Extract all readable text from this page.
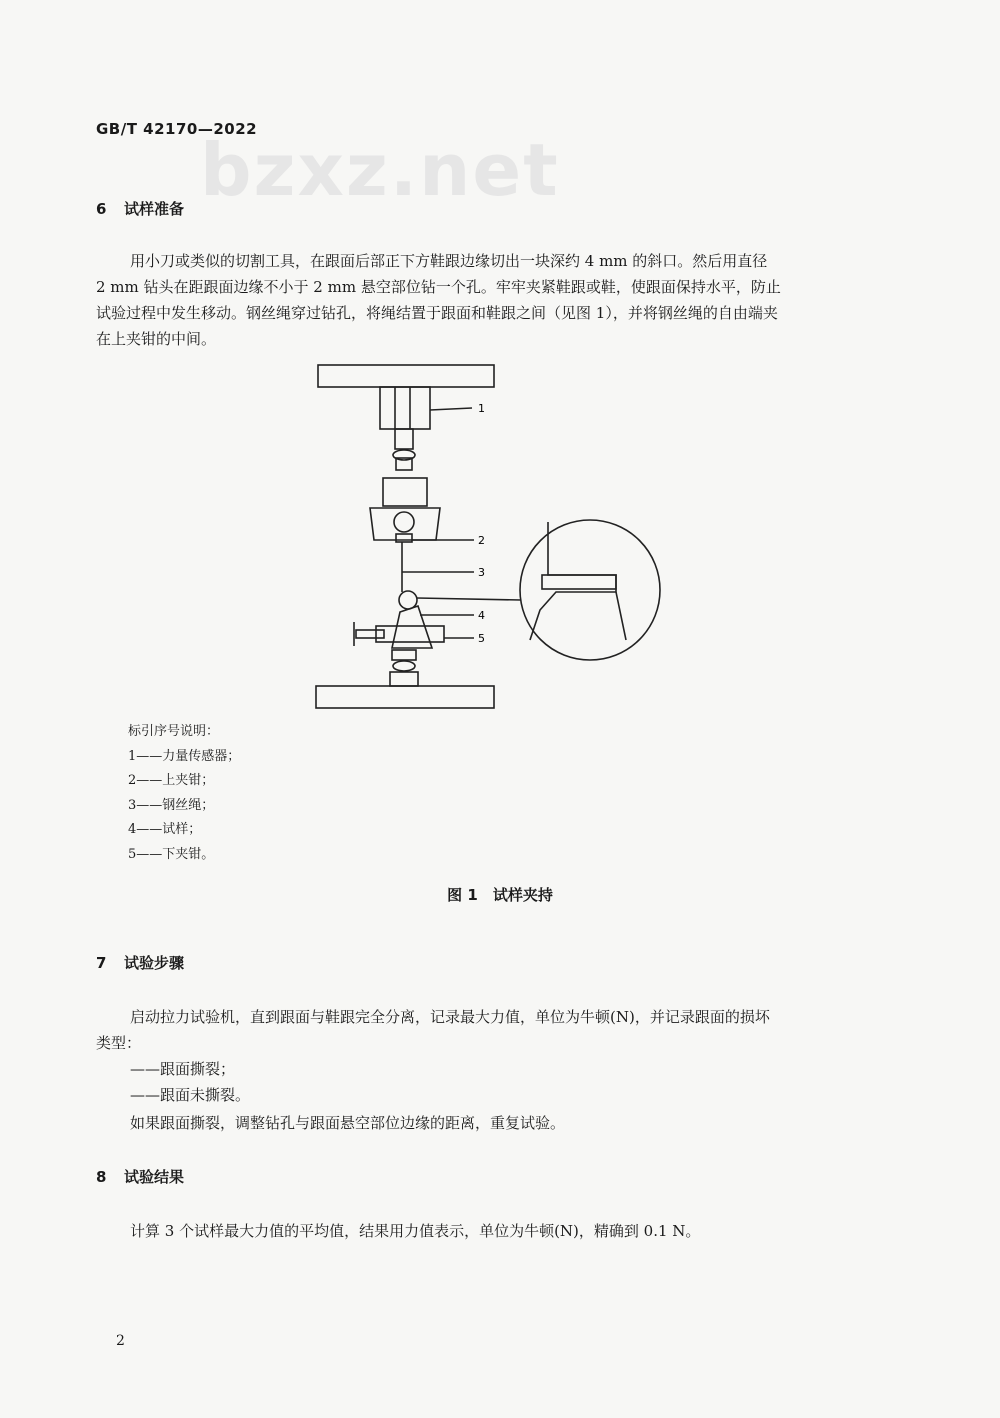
bzxz.net
GB/T 42170—2022
6 试样准备
用小刀或类似的切割工具，在跟面后部正下方鞋跟边缘切出一块深约 4 mm 的斜口。然后用直径
2 mm 钻头在距跟面边缘不小于 2 mm 悬空部位钻一个孔。牢牢夹紧鞋跟或鞋，使跟面保持水平，防止
试验过程中发生移动。钢丝绳穿过钻孔，将绳结置于跟面和鞋跟之间（见图 1），并将钢丝绳的自由端夹
在上夹钳的中间。
1
2
3
4
5
标引序号说明：
1——力量传感器；
2——上夹钳；
3——钢丝绳；
4——试样；
5——下夹钳。
图 1　试样夹持
7 试验步骤
启动拉力试验机，直到跟面与鞋跟完全分离，记录最大力值，单位为牛顿(N)，并记录跟面的损坏
类型：
——跟面撕裂；
——跟面未撕裂。
如果跟面撕裂，调整钻孔与跟面悬空部位边缘的距离，重复试验。
8 试验结果
计算 3 个试样最大力值的平均值，结果用力值表示，单位为牛顿(N)，精确到 0.1 N。
2
